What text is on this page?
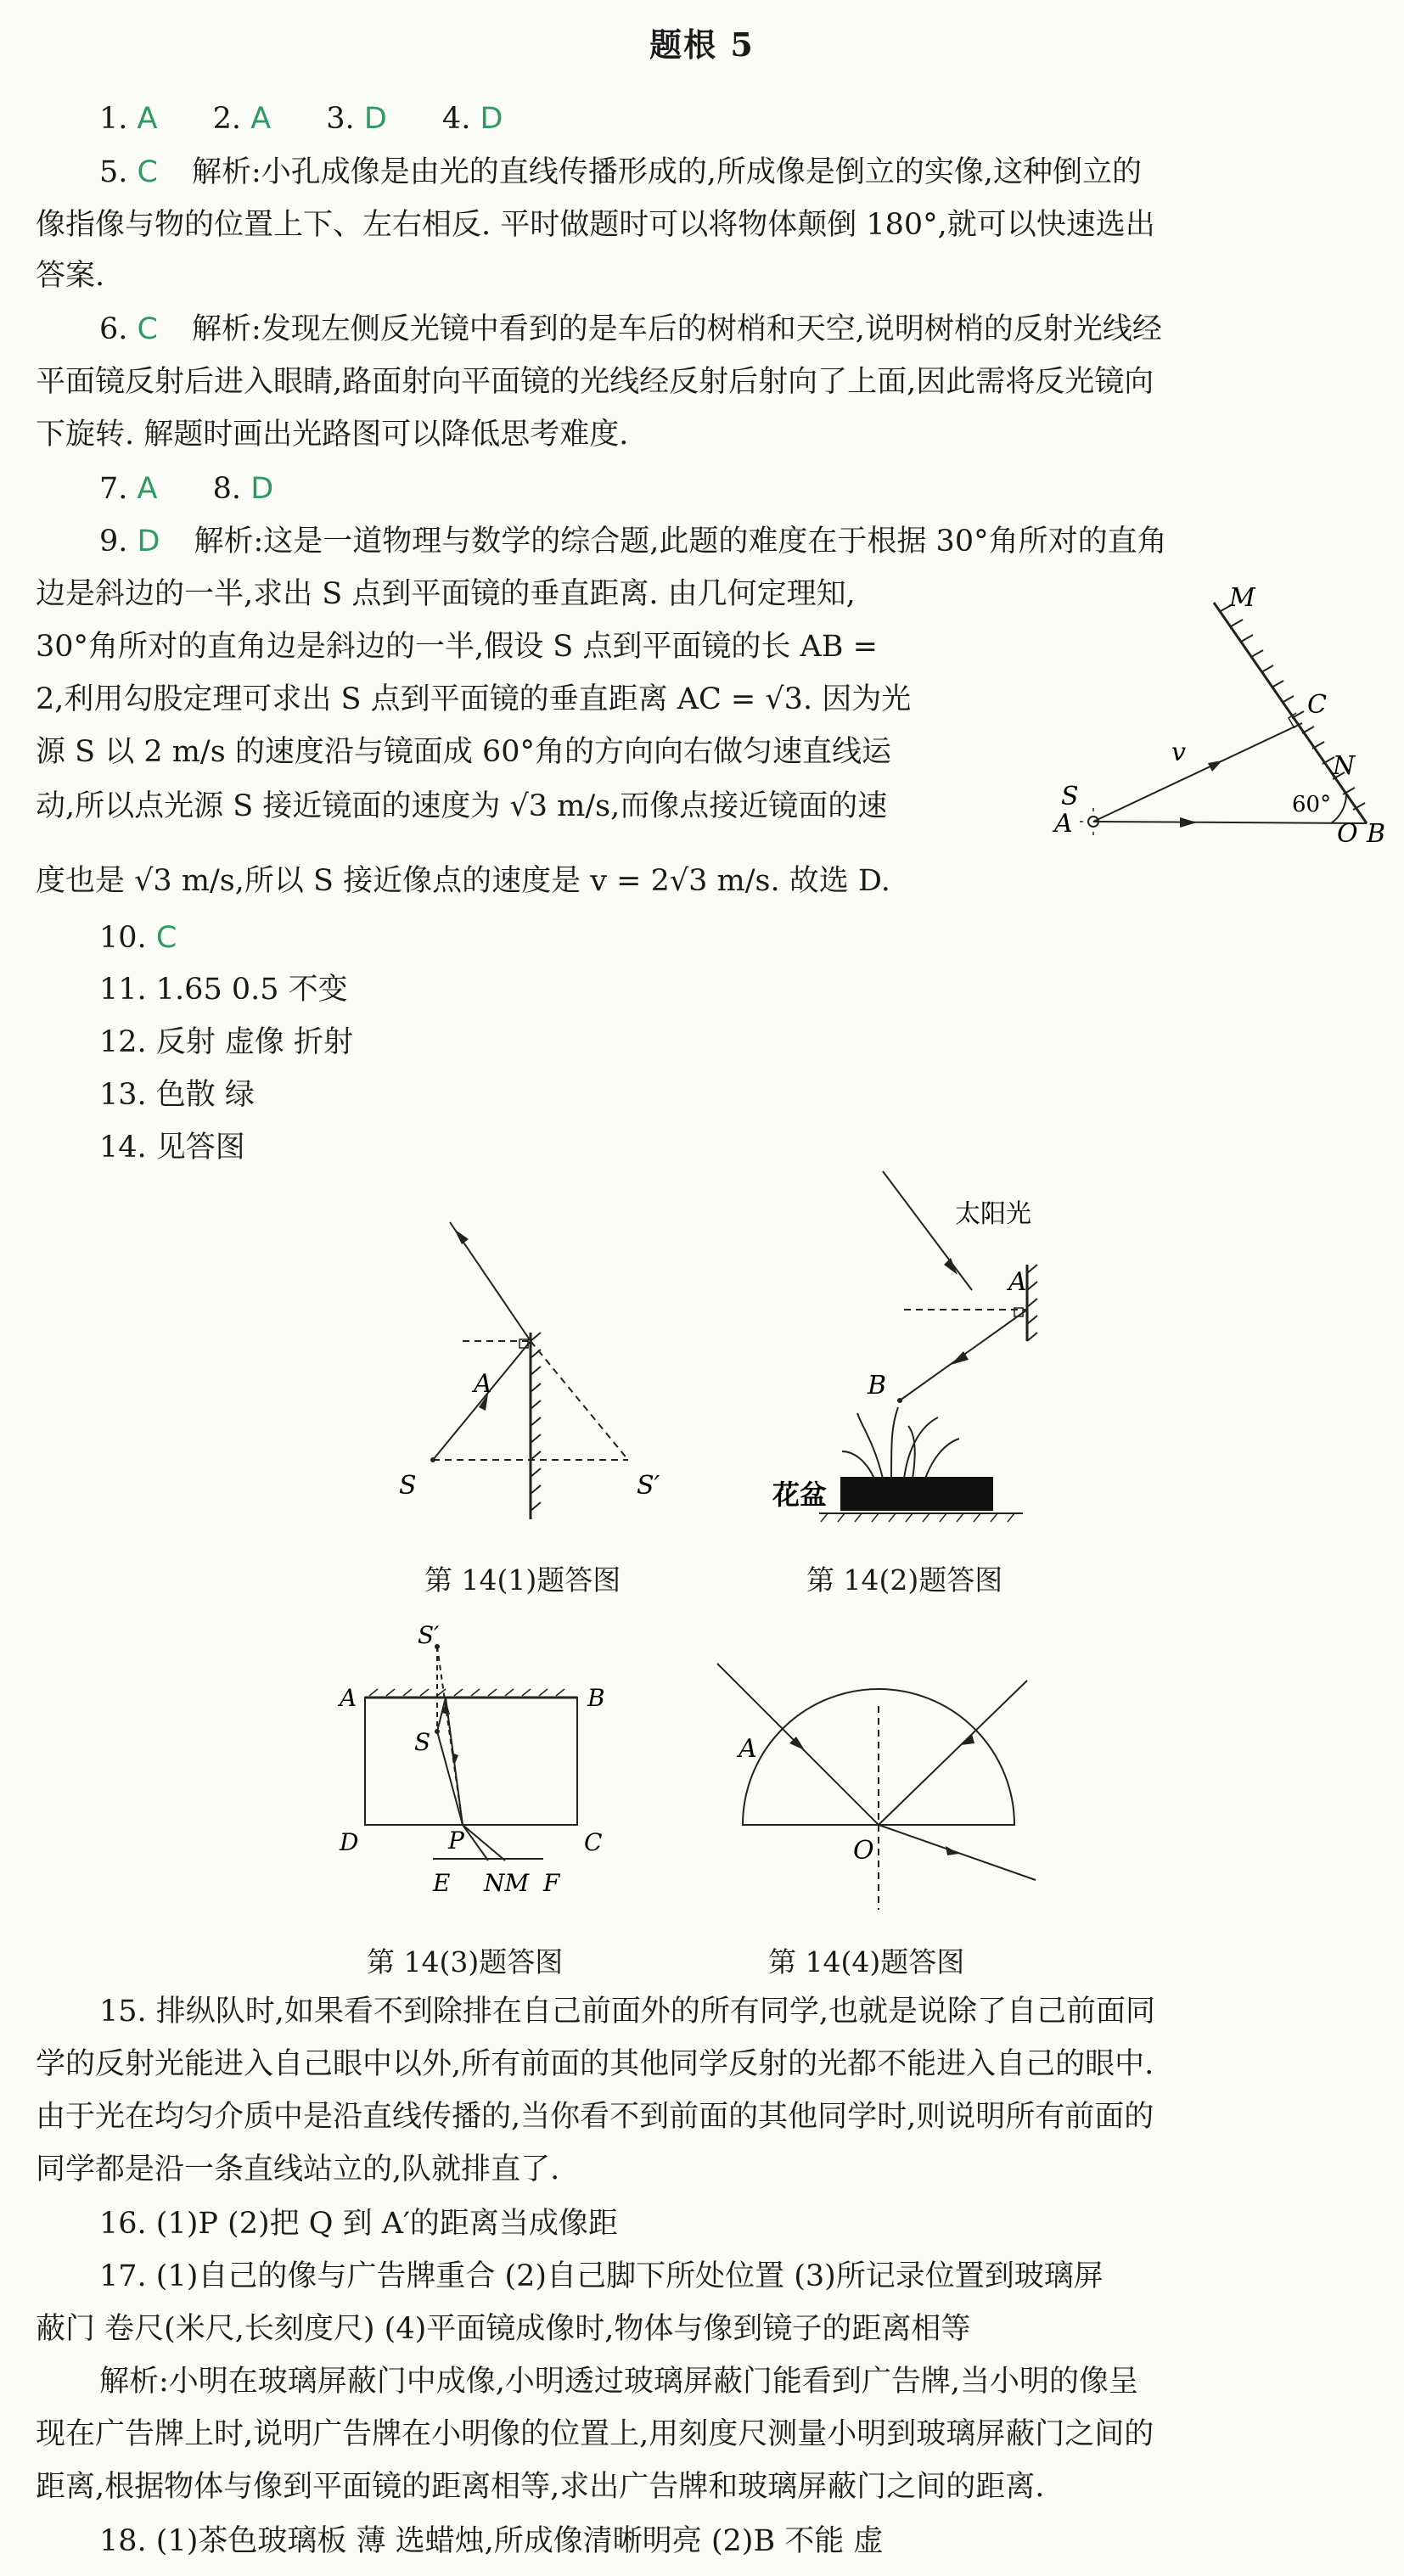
题根 5
1. A 2. A 3. D 4. D
5. C 解析:小孔成像是由光的直线传播形成的,所成像是倒立的实像,这种倒立的
像指像与物的位置上下、左右相反. 平时做题时可以将物体颠倒 180°,就可以快速选出
答案.
6. C 解析:发现左侧反光镜中看到的是车后的树梢和天空,说明树梢的反射光线经
平面镜反射后进入眼睛,路面射向平面镜的光线经反射后射向了上面,因此需将反光镜向
下旋转. 解题时画出光路图可以降低思考难度.
7. A 8. D
9. D 解析:这是一道物理与数学的综合题,此题的难度在于根据 30°角所对的直角
边是斜边的一半,求出 S 点到平面镜的垂直距离. 由几何定理知,
30°角所对的直角边是斜边的一半,假设 S 点到平面镜的长 AB =
2,利用勾股定理可求出 S 点到平面镜的垂直距离 AC = √3. 因为光
源 S 以 2 m/s 的速度沿与镜面成 60°角的方向向右做匀速直线运
动,所以点光源 S 接近镜面的速度为 √3 m/s,而像点接近镜面的速
度也是 √3 m/s,所以 S 接近像点的速度是 v = 2√3 m/s. 故选 D.
M
C
N
S
A
v
60°
O B
10. C
11. 1.65 0.5 不变
12. 反射 虚像 折射
13. 色散 绿
14. 见答图
A
S	S′
第 14(1)题答图
太阳光
A
B
花盆
第 14(2)题答图
S′
A	B
S
D	P	C
E NM F
第 14(3)题答图
A
O
第 14(4)题答图
15. 排纵队时,如果看不到除排在自己前面外的所有同学,也就是说除了自己前面同
学的反射光能进入自己眼中以外,所有前面的其他同学反射的光都不能进入自己的眼中.
由于光在均匀介质中是沿直线传播的,当你看不到前面的其他同学时,则说明所有前面的
同学都是沿一条直线站立的,队就排直了.
16. (1)P (2)把 Q 到 A′的距离当成像距
17. (1)自己的像与广告牌重合 (2)自己脚下所处位置 (3)所记录位置到玻璃屏
蔽门 卷尺(米尺,长刻度尺) (4)平面镜成像时,物体与像到镜子的距离相等
解析:小明在玻璃屏蔽门中成像,小明透过玻璃屏蔽门能看到广告牌,当小明的像呈
现在广告牌上时,说明广告牌在小明像的位置上,用刻度尺测量小明到玻璃屏蔽门之间的
距离,根据物体与像到平面镜的距离相等,求出广告牌和玻璃屏蔽门之间的距离.
18. (1)茶色玻璃板 薄 选蜡烛,所成像清晰明亮 (2)B 不能 虚
